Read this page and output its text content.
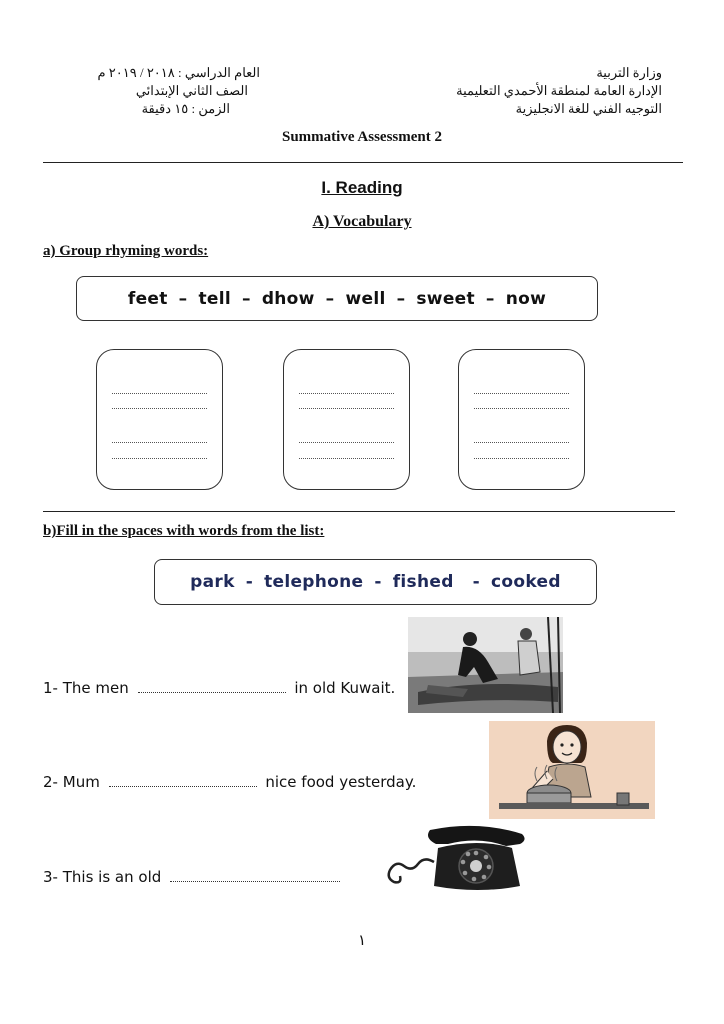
وزارة التربية
الإدارة العامة لمنطقة الأحمدي التعليمية
التوجيه الفني للغة الانجليزية
العام الدراسي : ٢٠١٨ / ٢٠١٩ م
الصف الثاني الإبتدائي
الزمن : ١٥ دقيقة
Summative Assessment 2
I. Reading
A) Vocabulary
a) Group rhyming words:
feet – tell – dhow – well – sweet – now
b)Fill in the spaces with words from the list:
park - telephone - fished - cooked
1- The men	in old Kuwait.
2- Mum	nice food yesterday.
3- This is an old
١
